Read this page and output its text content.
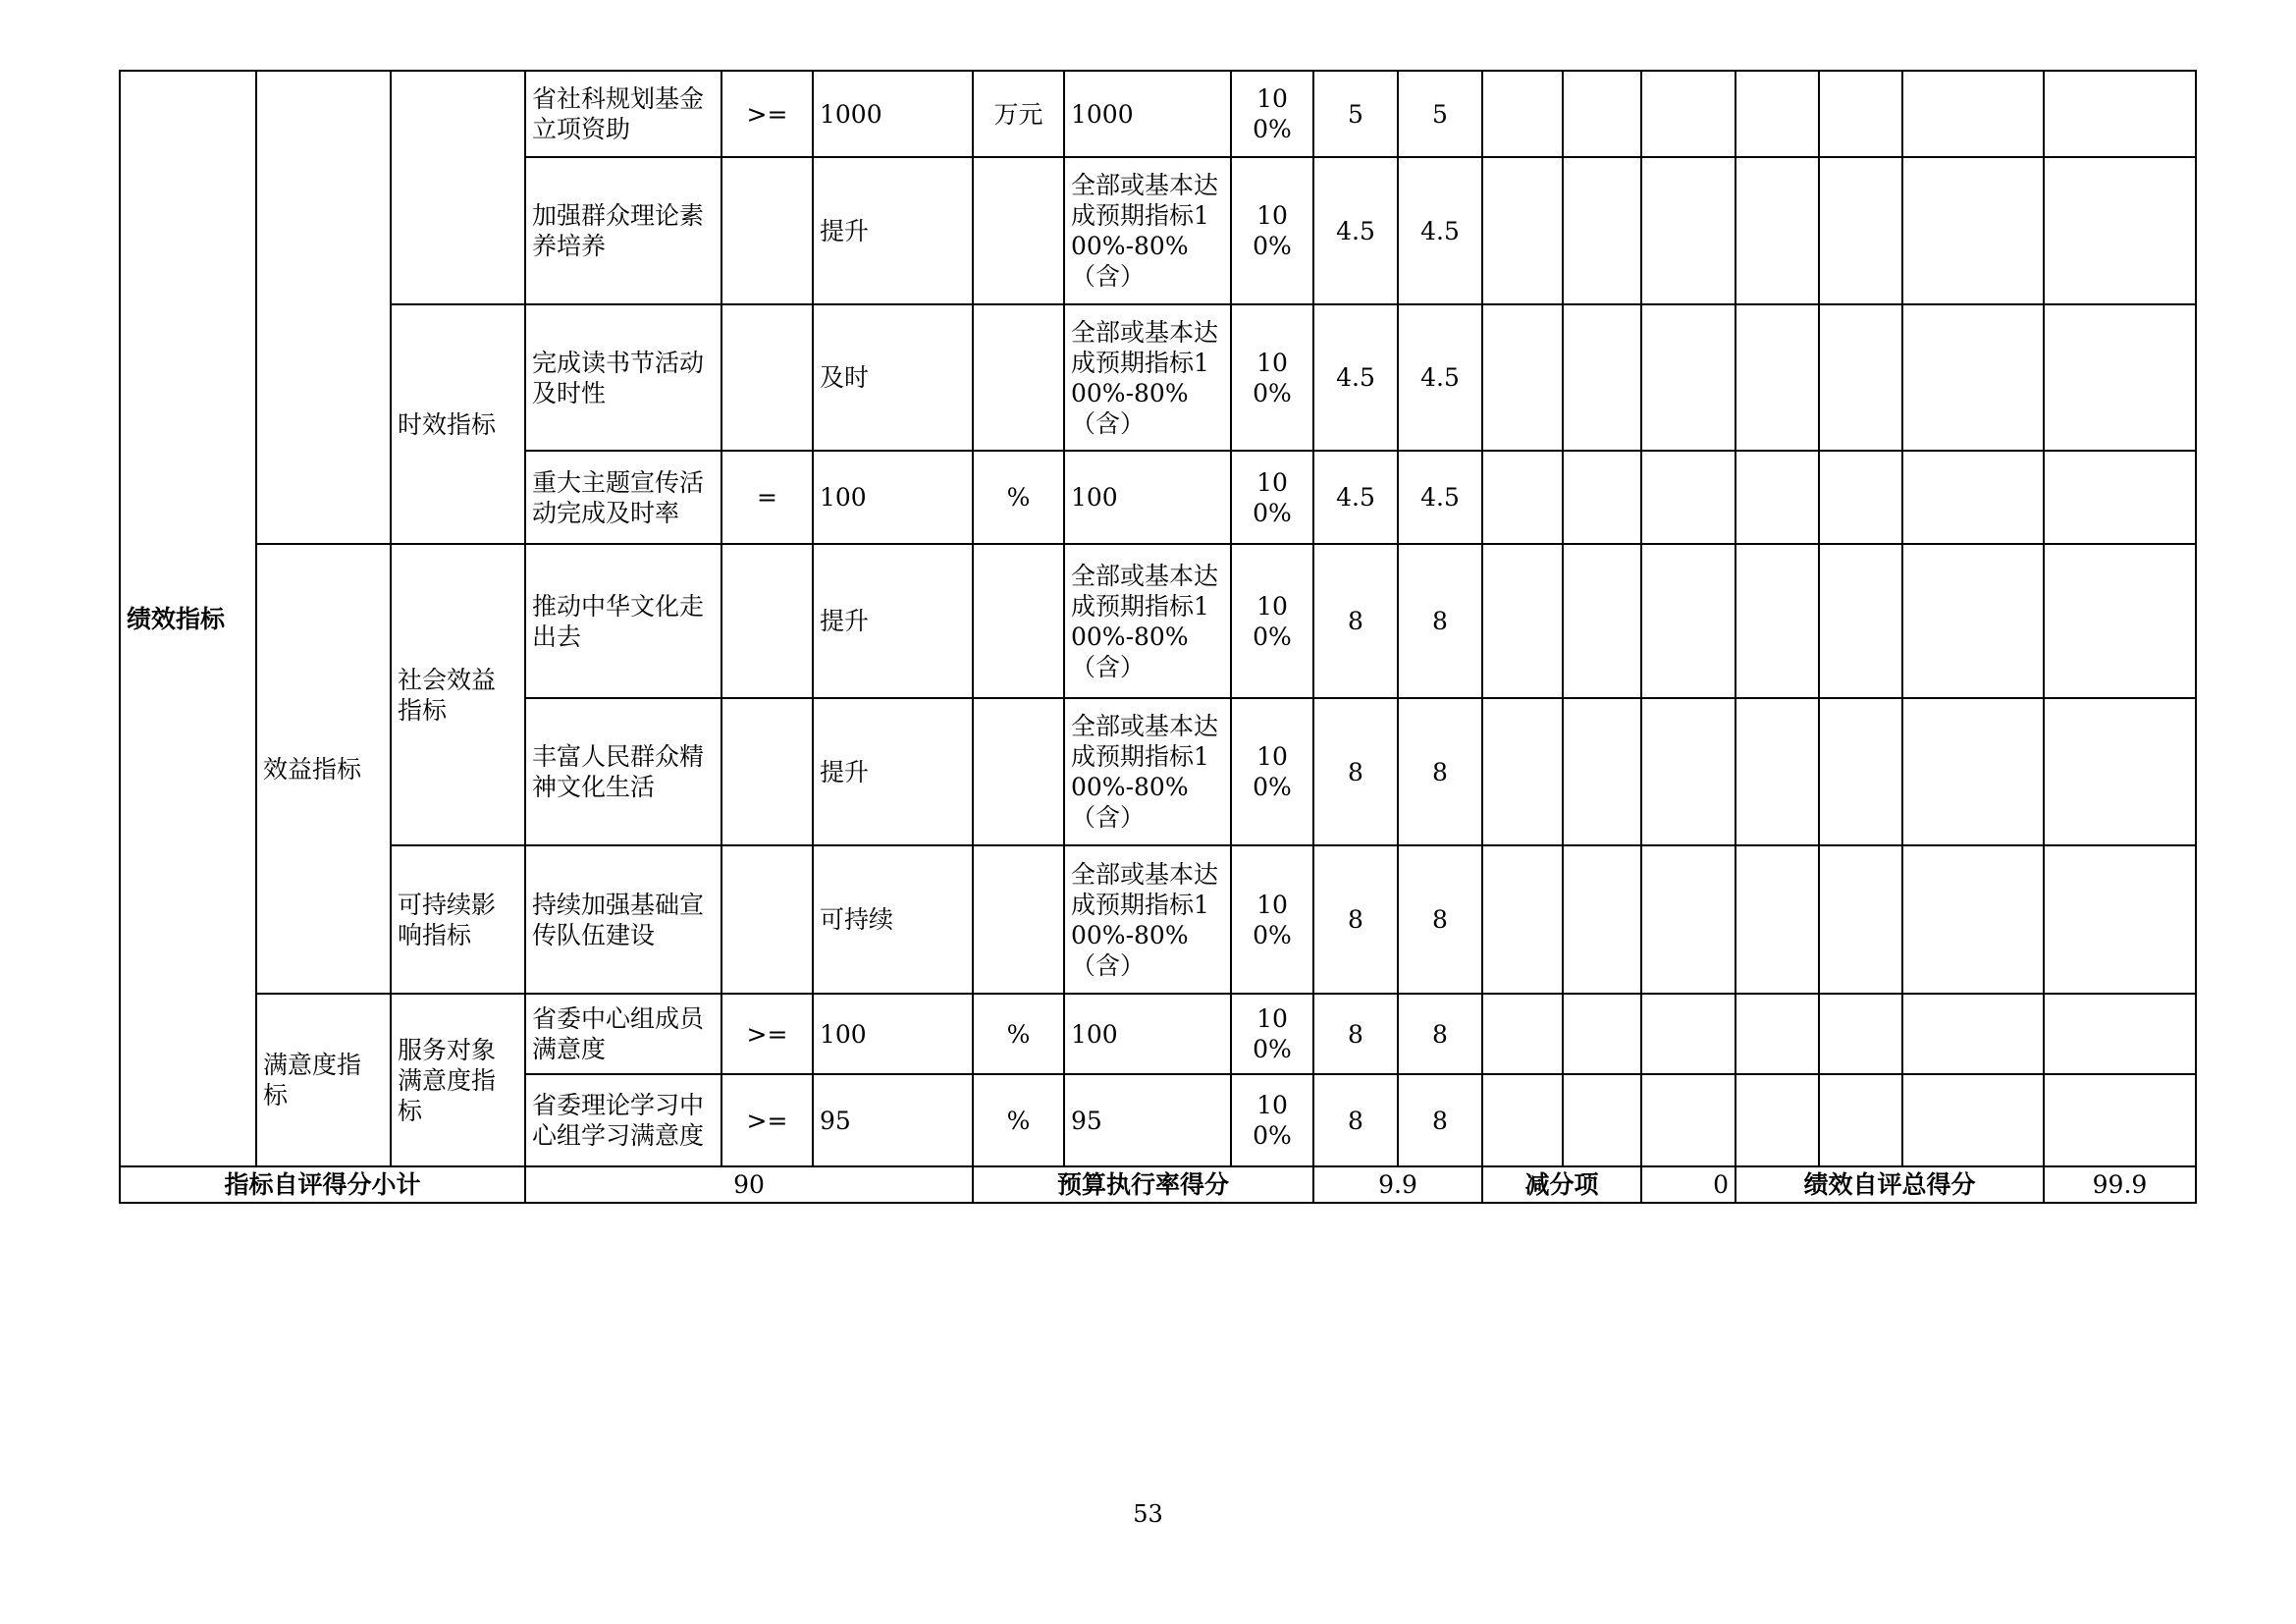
绩效指标			省社科规划基金立项资助	>=	1000	万元	1000	100%	5	5							
			加强群众理论素养培养		提升		全部或基本达成预期指标100%-80%（含）	100%	4.5	4.5							
		时效指标	完成读书节活动及时性		及时		全部或基本达成预期指标100%-80%（含）	100%	4.5	4.5							
			重大主题宣传活动完成及时率	=	100	%	100	100%	4.5	4.5							
	效益指标	社会效益指标	推动中华文化走出去		提升		全部或基本达成预期指标100%-80%（含）	100%	8	8							
			丰富人民群众精神文化生活		提升		全部或基本达成预期指标100%-80%（含）	100%	8	8							
		可持续影响指标	持续加强基础宣传队伍建设		可持续		全部或基本达成预期指标100%-80%（含）	100%	8	8							
	满意度指标	服务对象满意度指标	省委中心组成员满意度	>=	100	%	100	100%	8	8							
			省委理论学习中心组学习满意度	>=	95	%	95	100%	8	8							
指标自评得分小计			90			预算执行率得分			9.9		减分项		0	绩效自评总得分			99.9
53
